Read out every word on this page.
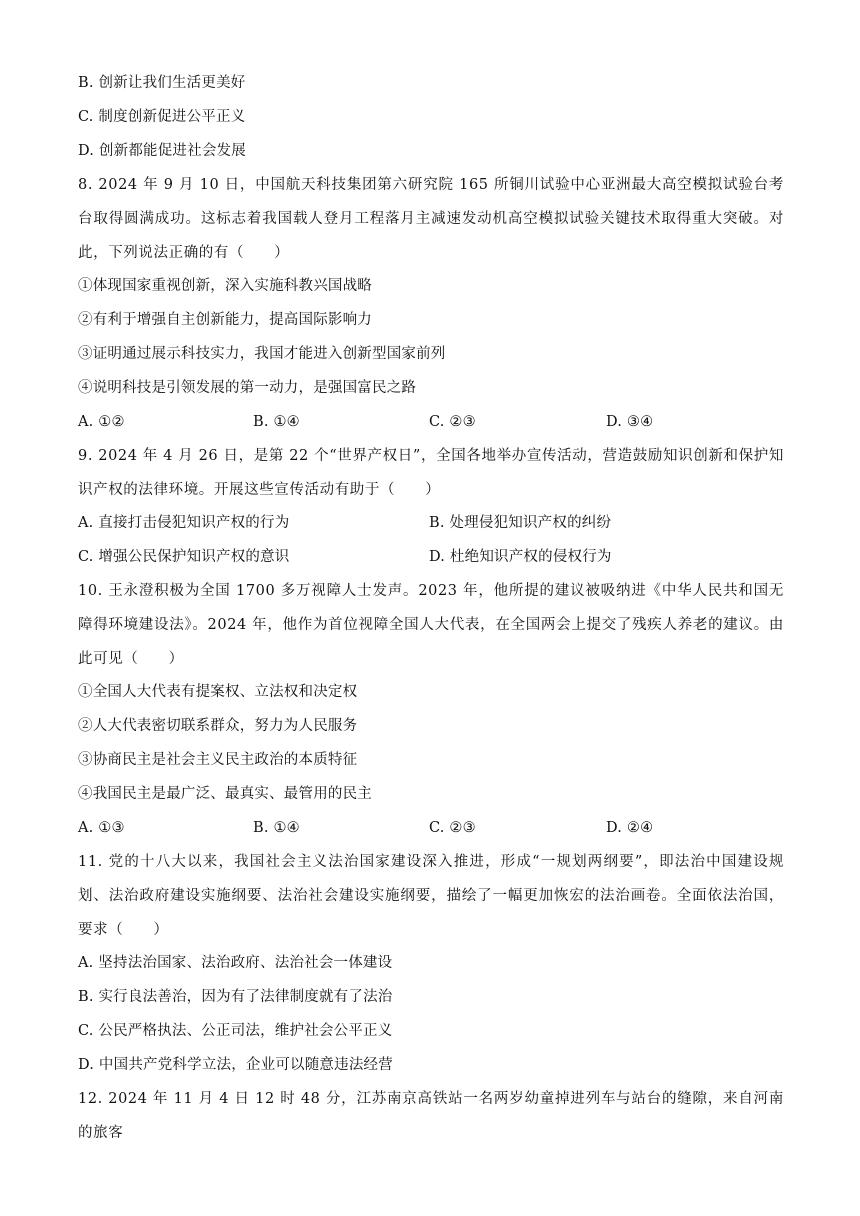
B. 创新让我们生活更美好
C. 制度创新促进公平正义
D. 创新都能促进社会发展
8. 2024 年 9 月 10 日，中国航天科技集团第六研究院 165 所铜川试验中心亚洲最大高空模拟试验台考台取得圆满成功。这标志着我国载人登月工程落月主减速发动机高空模拟试验关键技术取得重大突破。对此，下列说法正确的有（　　）
①体现国家重视创新，深入实施科教兴国战略
②有利于增强自主创新能力，提高国际影响力
③证明通过展示科技实力，我国才能进入创新型国家前列
④说明科技是引领发展的第一动力，是强国富民之路
A. ①②	B. ①④	C. ②③	D. ③④
9. 2024 年 4 月 26 日，是第 22 个“世界产权日”，全国各地举办宣传活动，营造鼓励知识创新和保护知识产权的法律环境。开展这些宣传活动有助于（　　）
A. 直接打击侵犯知识产权的行为	B. 处理侵犯知识产权的纠纷
C. 增强公民保护知识产权的意识	D. 杜绝知识产权的侵权行为
10. 王永澄积极为全国 1700 多万视障人士发声。2023 年，他所提的建议被吸纳进《中华人民共和国无障得环境建设法》。2024 年，他作为首位视障全国人大代表，在全国两会上提交了残疾人养老的建议。由此可见（　　）
①全国人大代表有提案权、立法权和决定权
②人大代表密切联系群众，努力为人民服务
③协商民主是社会主义民主政治的本质特征
④我国民主是最广泛、最真实、最管用的民主
A. ①③	B. ①④	C. ②③	D. ②④
11. 党的十八大以来，我国社会主义法治国家建设深入推进，形成“一规划两纲要”，即法治中国建设规划、法治政府建设实施纲要、法治社会建设实施纲要，描绘了一幅更加恢宏的法治画卷。全面依法治国，要求（　　）
A. 坚持法治国家、法治政府、法治社会一体建设
B. 实行良法善治，因为有了法律制度就有了法治
C. 公民严格执法、公正司法，维护社会公平正义
D. 中国共产党科学立法，企业可以随意违法经营
12. 2024 年 11 月 4 日 12 时 48 分，江苏南京高铁站一名两岁幼童掉进列车与站台的缝隙，来自河南的旅客
